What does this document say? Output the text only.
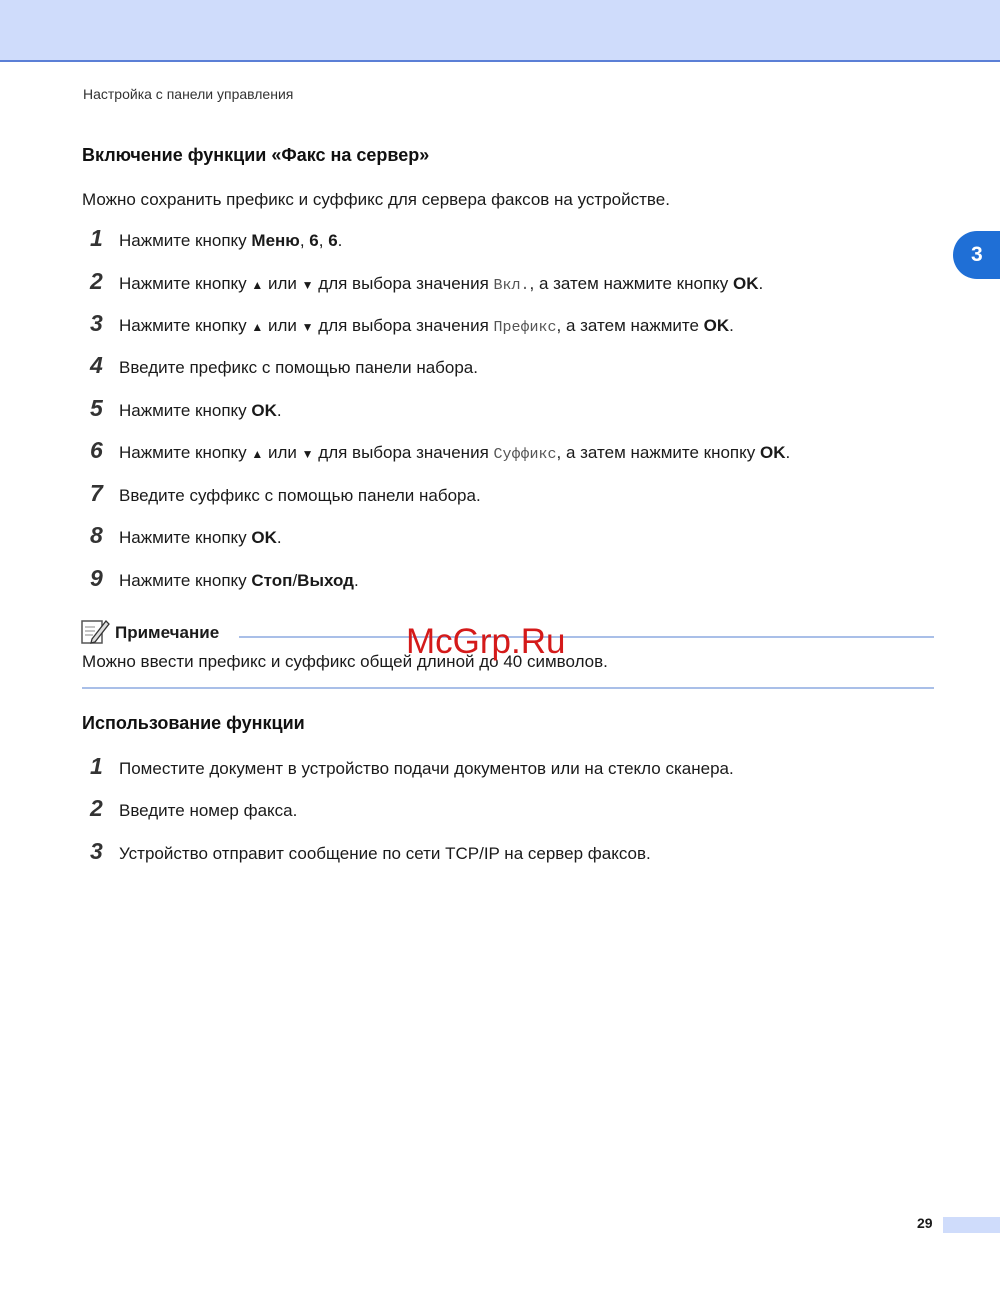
Настройка с панели управления
3
Включение функции «Факс на сервер»
Можно сохранить префикс и суффикс для сервера факсов на устройстве.
1 Нажмите кнопку Меню, 6, 6.
2 Нажмите кнопку ▲ или ▼ для выбора значения Вкл., а затем нажмите кнопку OK.
3 Нажмите кнопку ▲ или ▼ для выбора значения Префикс, а затем нажмите OK.
4 Введите префикс с помощью панели набора.
5 Нажмите кнопку OK.
6 Нажмите кнопку ▲ или ▼ для выбора значения Суффикс, а затем нажмите кнопку OK.
7 Введите суффикс с помощью панели набора.
8 Нажмите кнопку OK.
9 Нажмите кнопку Стоп/Выход.
Примечание
Можно ввести префикс и суффикс общей длиной до 40 символов.
McGrp.Ru
Использование функции
1 Поместите документ в устройство подачи документов или на стекло сканера.
2 Введите номер факса.
3 Устройство отправит сообщение по сети TCP/IP на сервер факсов.
29
